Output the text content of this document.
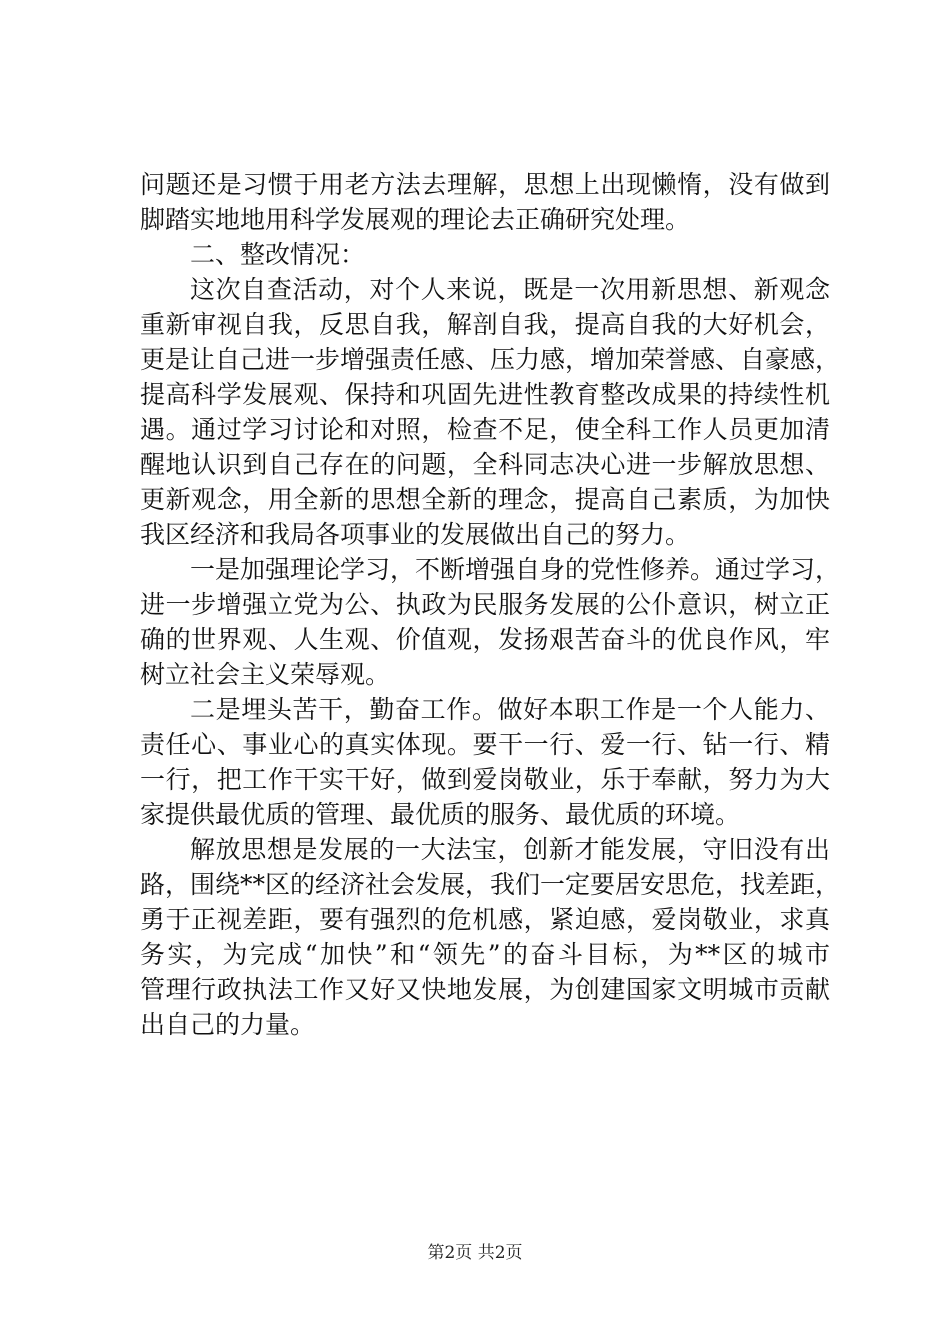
问题还是习惯于用老方法去理解，思想上出现懒惰，没有做到
脚踏实地地用科学发展观的理论去正确研究处理。
二、整改情况：
这次自查活动，对个人来说，既是一次用新思想、新观念
重新审视自我，反思自我，解剖自我，提高自我的大好机会，
更是让自己进一步增强责任感、压力感，增加荣誉感、自豪感，
提高科学发展观、保持和巩固先进性教育整改成果的持续性机
遇。通过学习讨论和对照，检查不足，使全科工作人员更加清
醒地认识到自己存在的问题，全科同志决心进一步解放思想、
更新观念，用全新的思想全新的理念，提高自己素质，为加快
我区经济和我局各项事业的发展做出自己的努力。
一是加强理论学习，不断增强自身的党性修养。通过学习，
进一步增强立党为公、执政为民服务发展的公仆意识，树立正
确的世界观、人生观、价值观，发扬艰苦奋斗的优良作风，牢
树立社会主义荣辱观。
二是埋头苦干，勤奋工作。做好本职工作是一个人能力、
责任心、事业心的真实体现。要干一行、爱一行、钻一行、精
一行，把工作干实干好，做到爱岗敬业，乐于奉献，努力为大
家提供最优质的管理、最优质的服务、最优质的环境。
解放思想是发展的一大法宝，创新才能发展，守旧没有出
路，围绕**区的经济社会发展，我们一定要居安思危，找差距，
勇于正视差距，要有强烈的危机感，紧迫感，爱岗敬业，求真
务实，为完成“加快”和“领先”的奋斗目标，为**区的城市
管理行政执法工作又好又快地发展，为创建国家文明城市贡献
出自己的力量。
第2页 共2页
